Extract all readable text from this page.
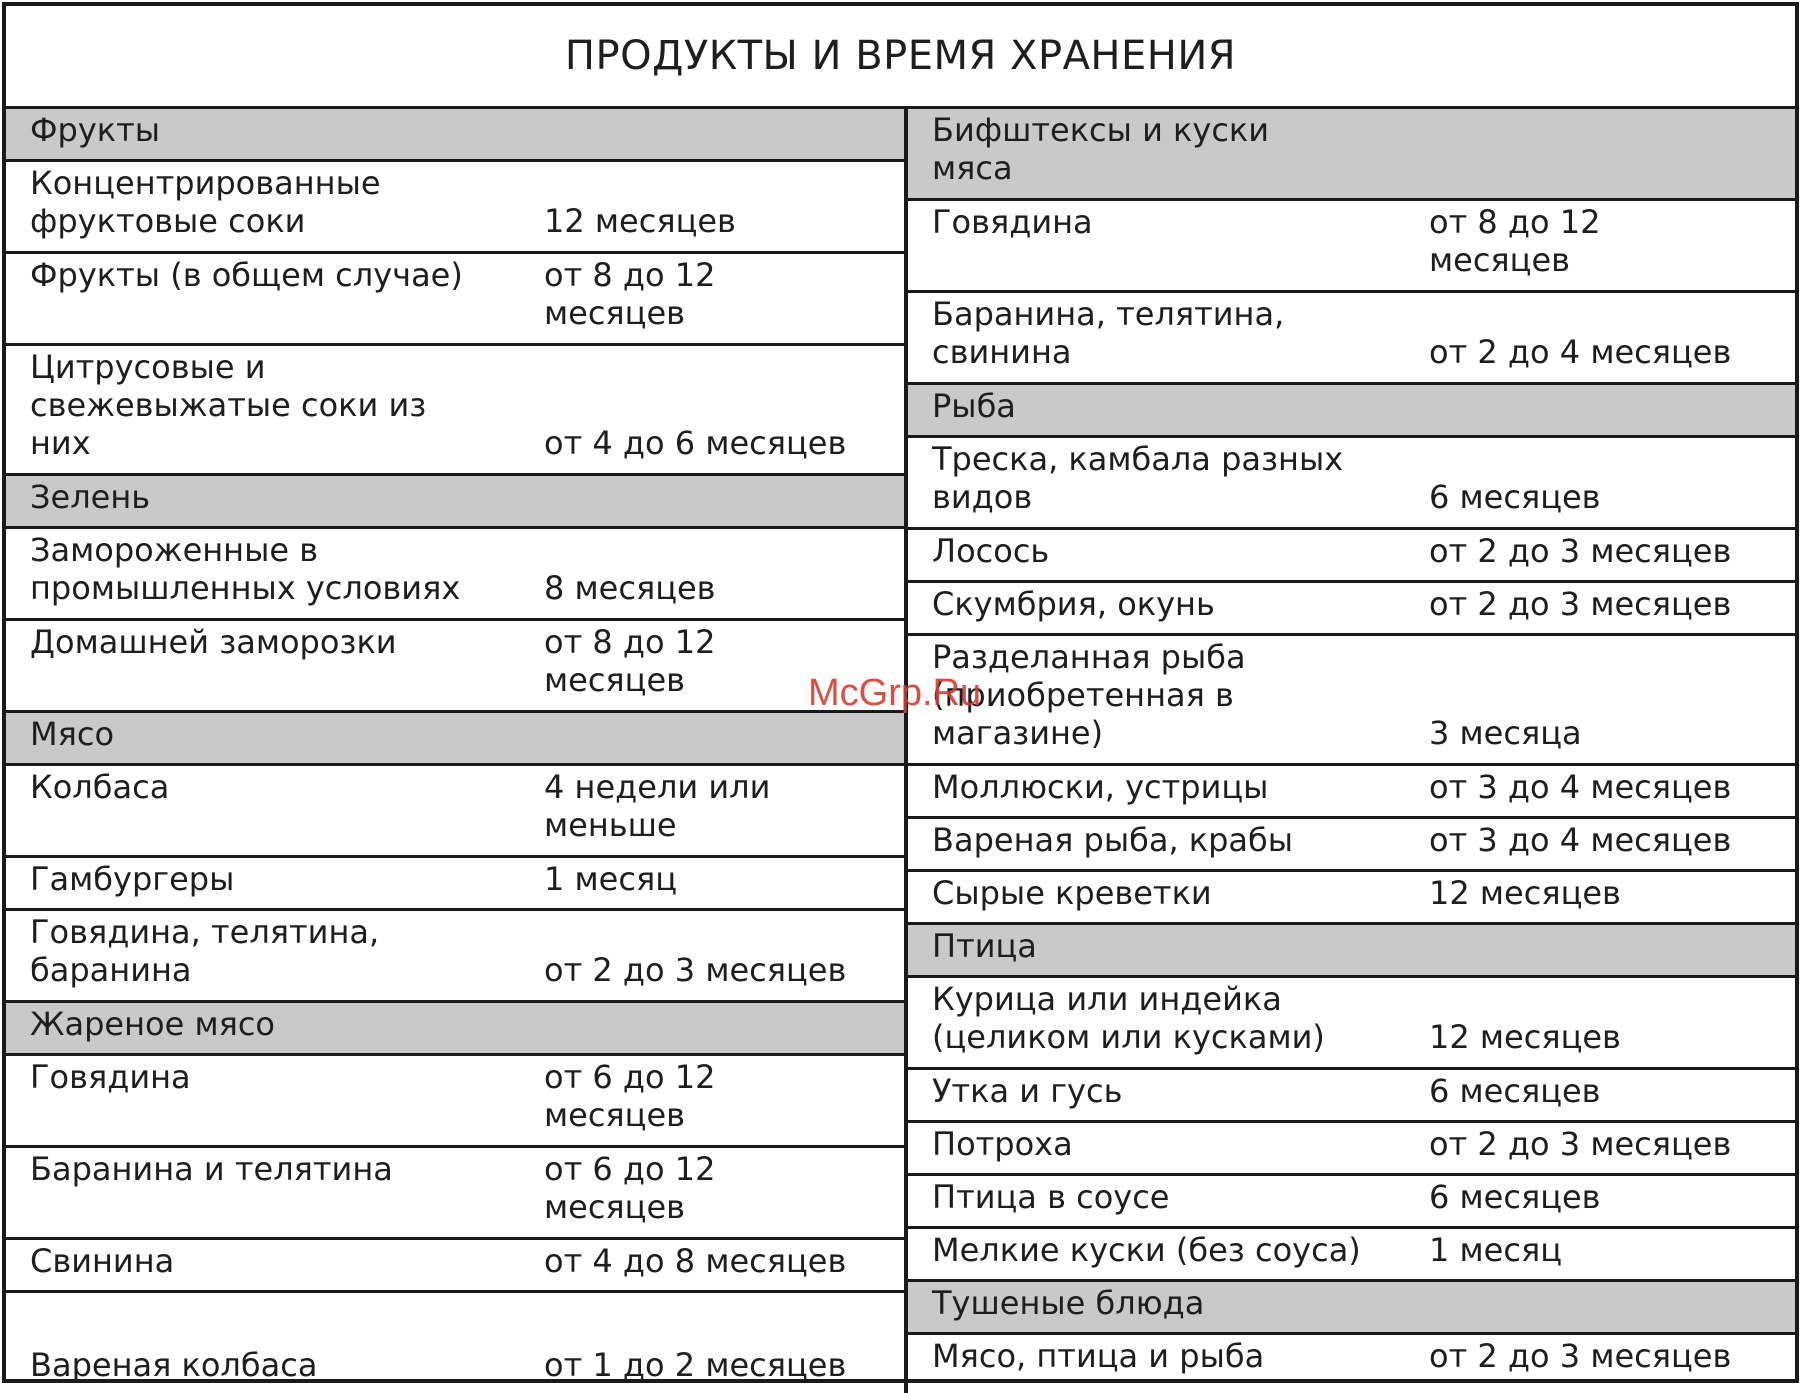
ПРОДУКТЫ И ВРЕМЯ ХРАНЕНИЯ
Фрукты
Концентрированные
фруктовые соки	12 месяцев
Фрукты (в общем случае)	от 8 до 12
месяцев
Цитрусовые и
свежевыжатые соки из
них	от 4 до 6 месяцев
Зелень
Замороженные в
промышленных условиях	8 месяцев
Домашней заморозки	от 8 до 12
месяцев
Мясо
Колбаса	4 недели или
меньше
Гамбургеры	1 месяц
Говядина, телятина,
баранина	от 2 до 3 месяцев
Жареное мясо
Говядина	от 6 до 12
месяцев
Баранина и телятина	от 6 до 12
месяцев
Свинина	от 4 до 8 месяцев
Вареная колбаса	от 1 до 2 месяцев
Бифштексы и куски
мяса
Говядина	от 8 до 12
месяцев
Баранина, телятина,
свинина	от 2 до 4 месяцев
Рыба
Треска, камбала разных
видов	6 месяцев
Лосось	от 2 до 3 месяцев
Скумбрия, окунь	от 2 до 3 месяцев
Разделанная рыба
(приобретенная в
магазине)	3 месяца
Моллюски, устрицы	от 3 до 4 месяцев
Вареная рыба, крабы	от 3 до 4 месяцев
Сырые креветки	12 месяцев
Птица
Курица или индейка
(целиком или кусками)	12 месяцев
Утка и гусь	6 месяцев
Потроха	от 2 до 3 месяцев
Птица в соусе	6 месяцев
Мелкие куски (без соуса) 1 месяц
Тушеные блюда
Мясо, птица и рыба	от 2 до 3 месяцев
McGrp.Ru
